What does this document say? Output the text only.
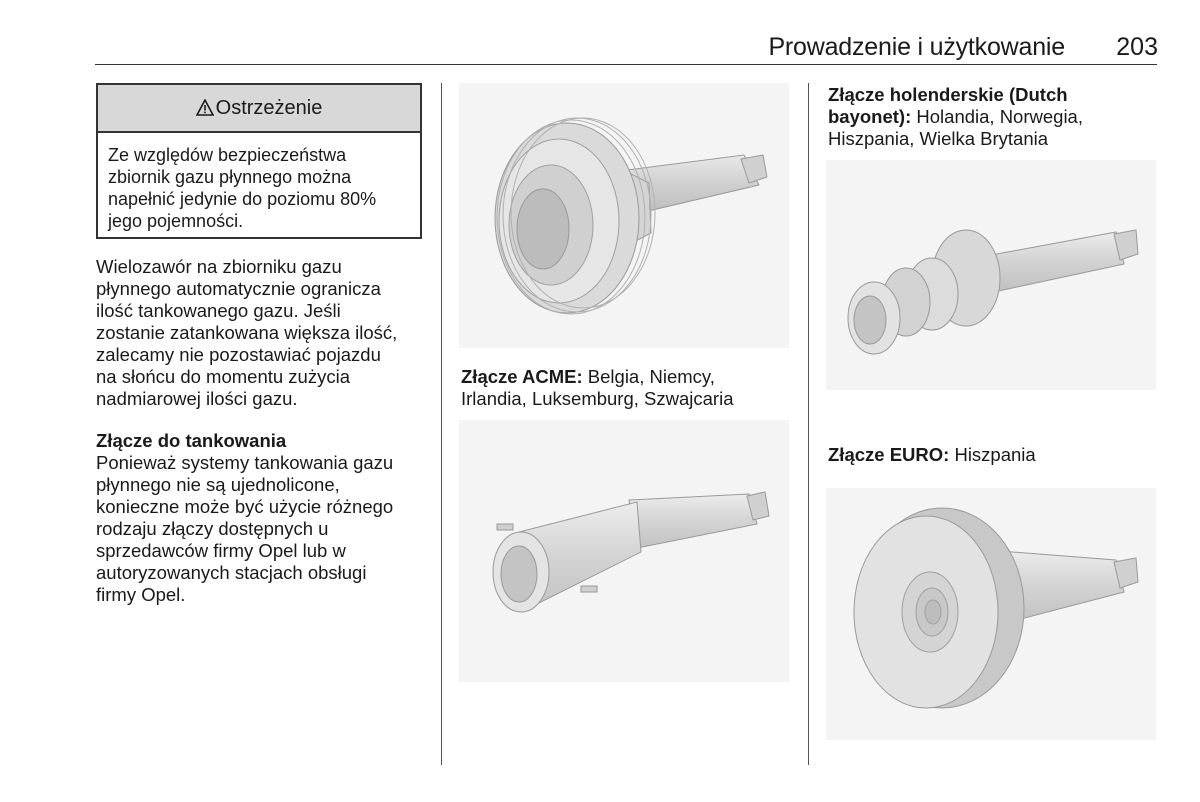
Prowadzenie i użytkowanie 203
Ostrzeżenie
Ze względów bezpieczeństwa
zbiornik gazu płynnego można
napełnić jedynie do poziomu 80%
jego pojemności.
Wielozawór na zbiorniku gazu
płynnego automatycznie ogranicza
ilość tankowanego gazu. Jeśli
zostanie zatankowana większa ilość,
zalecamy nie pozostawiać pojazdu
na słońcu do momentu zużycia
nadmiarowej ilości gazu.
Złącze do tankowania
Ponieważ systemy tankowania gazu
płynnego nie są ujednolicone,
konieczne może być użycie różnego
rodzaju złączy dostępnych u
sprzedawców firmy Opel lub w
autoryzowanych stacjach obsługi
firmy Opel.
Złącze ACME: Belgia, Niemcy,
Irlandia, Luksemburg, Szwajcaria
Złącze holenderskie (Dutch
bayonet): Holandia, Norwegia,
Hiszpania, Wielka Brytania
Złącze EURO: Hiszpania
